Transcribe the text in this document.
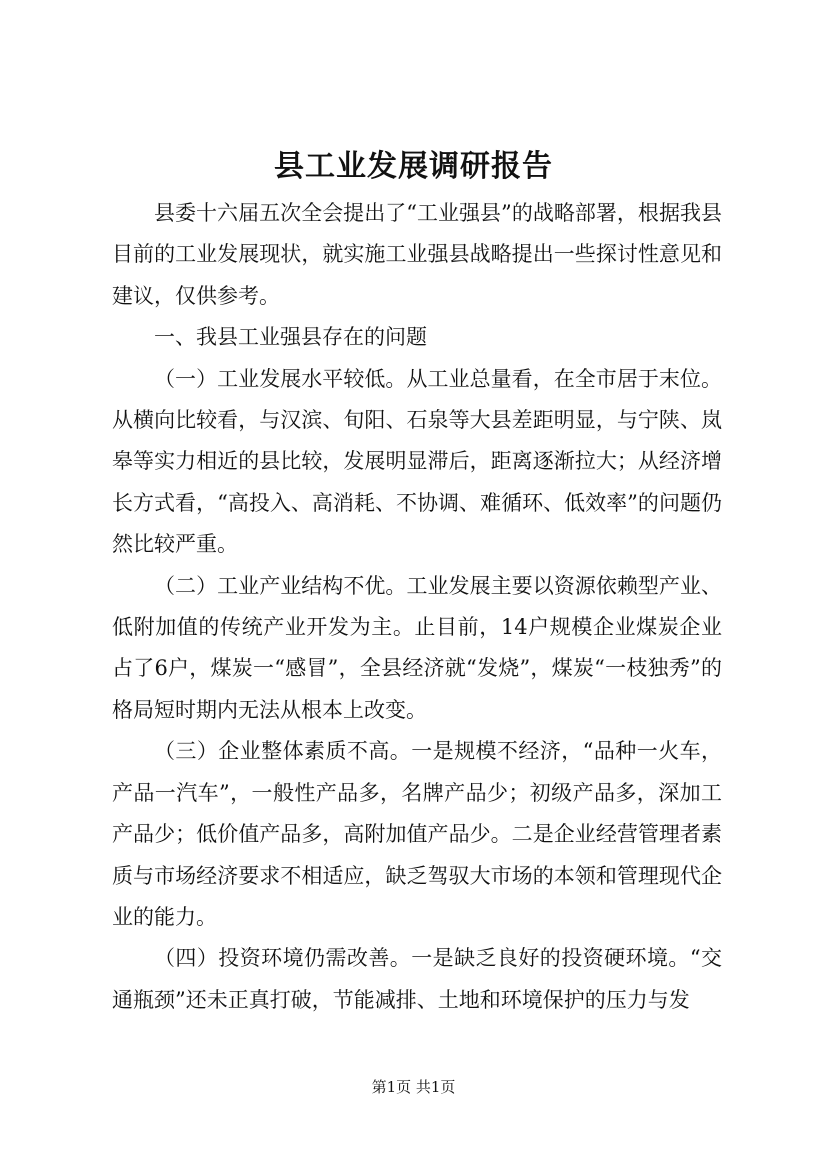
县工业发展调研报告

县委十六届五次全会提出了“工业强县”的战略部署，根据我县目前的工业发展现状，就实施工业强县战略提出一些探讨性意见和建议，仅供参考。

一、我县工业强县存在的问题

（一）工业发展水平较低。从工业总量看，在全市居于末位。从横向比较看，与汉滨、旬阳、石泉等大县差距明显，与宁陕、岚皋等实力相近的县比较，发展明显滞后，距离逐渐拉大；从经济增长方式看，“高投入、高消耗、不协调、难循环、低效率”的问题仍然比较严重。

（二）工业产业结构不优。工业发展主要以资源依赖型产业、低附加值的传统产业开发为主。止目前，14户规模企业煤炭企业占了6户，煤炭一“感冒”，全县经济就“发烧”，煤炭“一枝独秀”的格局短时期内无法从根本上改变。

（三）企业整体素质不高。一是规模不经济，“品种一火车，产品一汽车”，一般性产品多，名牌产品少；初级产品多，深加工产品少；低价值产品多，高附加值产品少。二是企业经营管理者素质与市场经济要求不相适应，缺乏驾驭大市场的本领和管理现代企业的能力。

（四）投资环境仍需改善。一是缺乏良好的投资硬环境。“交通瓶颈”还未正真打破，节能减排、土地和环境保护的压力与发

第1页 共1页
